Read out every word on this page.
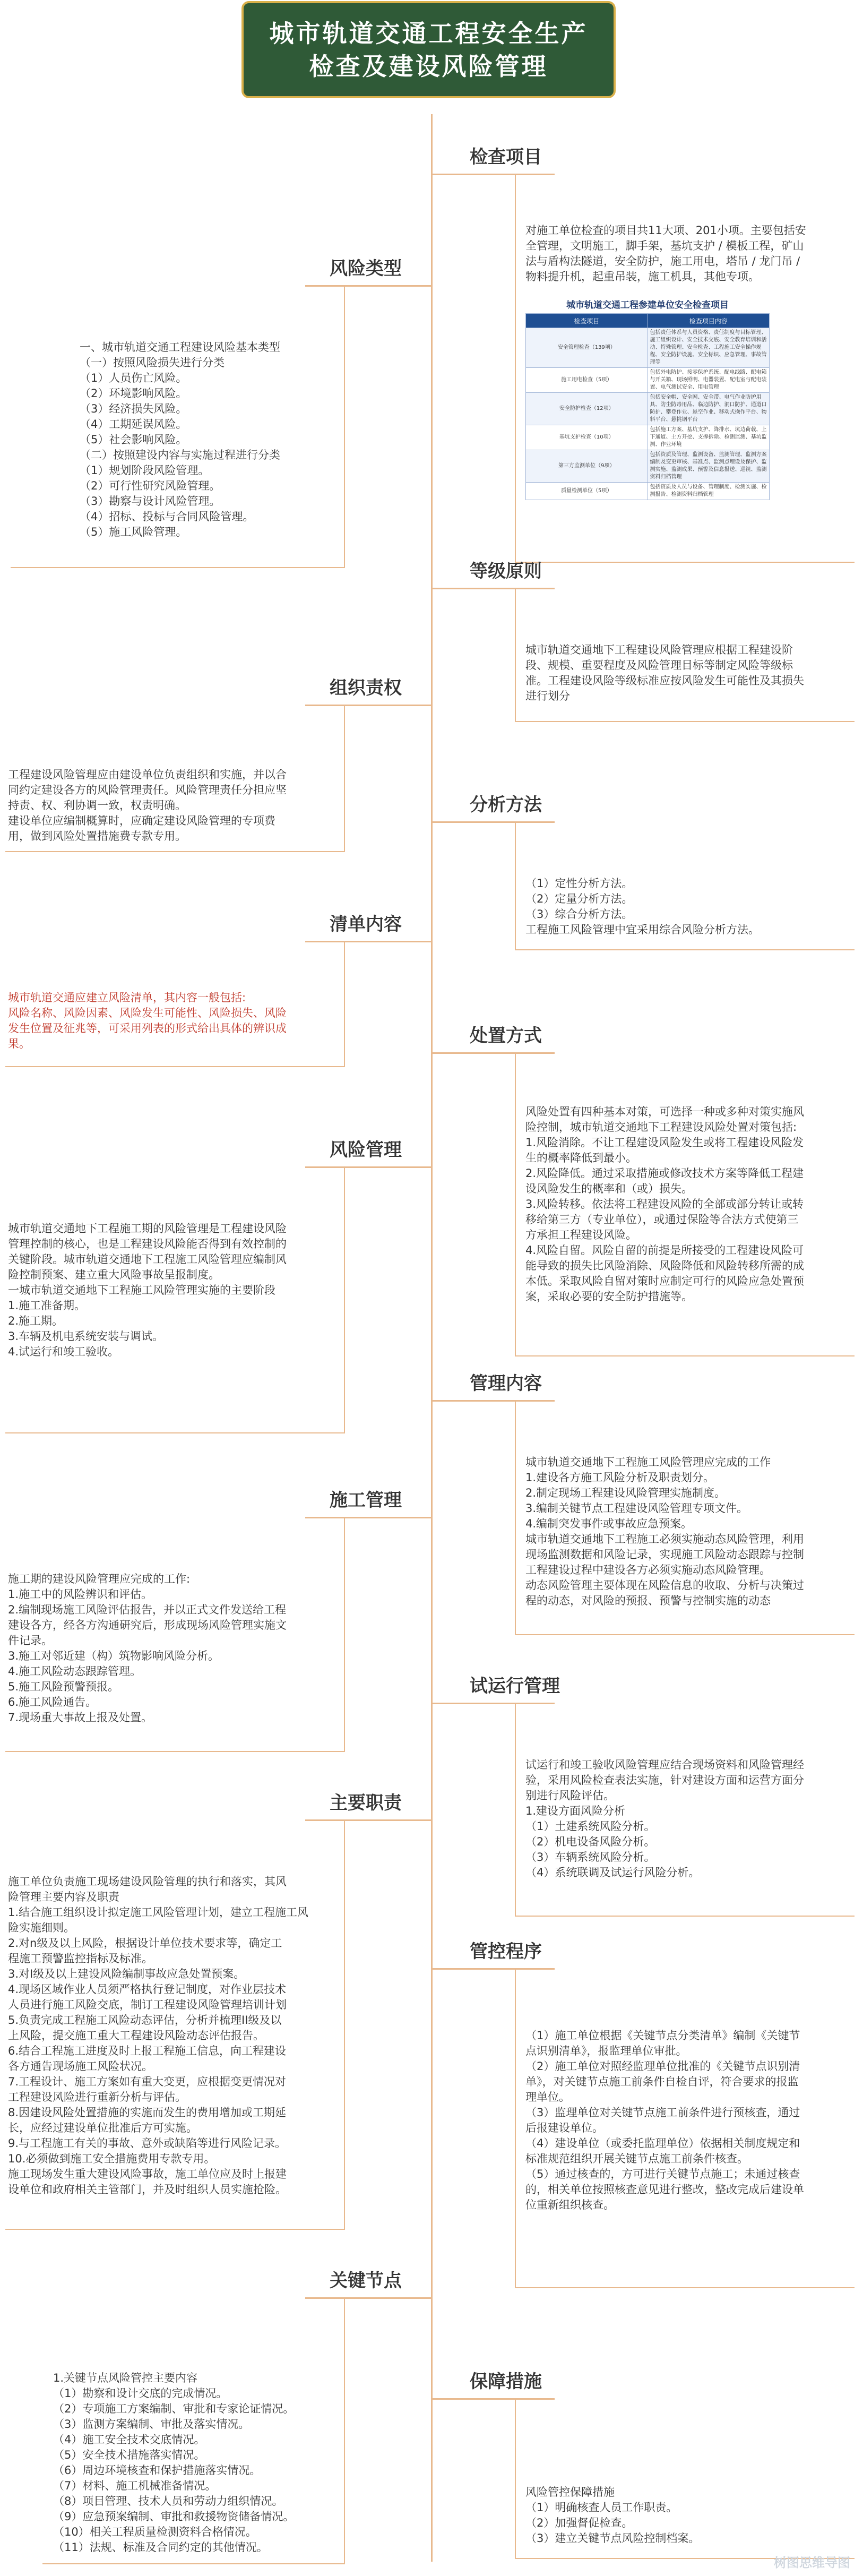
城市轨道交通工程安全生产
检查及建设风险管理
检查项目
对施工单位检查的项目共11大项、201小项。主要包括安
全管理，文明施工，脚手架，基坑支护 / 模板工程，矿山
法与盾构法隧道，安全防护，施工用电，塔吊 / 龙门吊 /
物料提升机，起重吊装，施工机具，其他专项。
城市轨道交通工程参建单位安全检查项目
检查项目	检查项目内容
安全管理检查（139项）	包括责任体系与人员资格、责任制度与目标管理、施工组织设计、安全技术交底、安全教育培训和活动、特殊管理、安全检查、工程施工安全操作规程、安全防护设施、安全标识、应急管理、事故管理等
施工用电检查（5项）	包括外电防护、接零保护系统、配电线路、配电箱与开关箱、现场照明、电器装置、配电室与配电装置、电气测试安全、用电管理
安全防护检查（12项）	包括安全帽、安全网、安全带、电气作业防护用具、防尘防毒用品、临边防护、洞口防护、通道口防护、攀登作业、悬空作业、移动式操作平台、物料平台、悬挑钢平台
基坑支护检查（10项）	包括施工方案、基坑支护、降排水、坑边荷载、上下通道、土方开挖、支撑拆除、检测监测、基坑监测、作业环境
第三方监测单位（9项）	包括资质及管理、监测设备、监测管理、监测方案编制及变更审核、基准点、监测点埋设及保护、监测实施、监测成果、预警及信息报送、巡视、监测资料归档管理
质量检测单位（5项）	包括资质及人员与设备、管理制度、检测实施、检测报告、检测资料归档管理
等级原则
城市轨道交通地下工程建设风险管理应根据工程建设阶
段、规模、重要程度及风险管理目标等制定风险等级标
准。工程建设风险等级标准应按风险发生可能性及其损失
进行划分
分析方法
（1）定性分析方法。
（2）定量分析方法。
（3）综合分析方法。
工程施工风险管理中宜采用综合风险分析方法。
处置方式
风险处置有四种基本对策，可选择一种或多种对策实施风
险控制，城市轨道交通地下工程建设风险处置对策包括:
1.风险消除。不让工程建设风险发生或将工程建设风险发
生的概率降低到最小。
2.风险降低。通过采取措施或修改技术方案等降低工程建
设风险发生的概率和（或）损失。
3.风险转移。依法将工程建设风险的全部或部分转让或转
移给第三方（专业单位），或通过保险等合法方式使第三
方承担工程建设风险。
4.风险自留。风险自留的前提是所接受的工程建设风险可
能导致的损失比风险消除、风险降低和风险转移所需的成
本低。采取风险自留对策时应制定可行的风险应急处置预
案，采取必要的安全防护措施等。
管理内容
城市轨道交通地下工程施工风险管理应完成的工作
1.建设各方施工风险分析及职责划分。
2.制定现场工程建设风险管理实施制度。
3.编制关键节点工程建设风险管理专项文件。
4.编制突发事件或事故应急预案。
城市轨道交通地下工程施工必须实施动态风险管理，利用
现场监测数据和风险记录，实现施工风险动态跟踪与控制
工程建设过程中建设各方必须实施动态风险管理。
动态风险管理主要体现在风险信息的收取、分析与决策过
程的动态，对风险的预报、预警与控制实施的动态
试运行管理
试运行和竣工验收风险管理应结合现场资料和风险管理经
验，采用风险检查表法实施，针对建设方面和运营方面分
别进行风险评估。
1.建设方面风险分析
（1）土建系统风险分析。
（2）机电设备风险分析。
（3）车辆系统风险分析。
（4）系统联调及试运行风险分析。
管控程序
（1）施工单位根据《关键节点分类清单》编制《关键节
点识别清单》，报监理单位审批。
（2）施工单位对照经监理单位批准的《关键节点识别清
单》，对关键节点施工前条件自检自评，符合要求的报监
理单位。
（3）监理单位对关键节点施工前条件进行预核查，通过
后报建设单位。
（4）建设单位（或委托监理单位）依据相关制度规定和
标准规范组织开展关键节点施工前条件核查。
（5）通过核查的，方可进行关键节点施工；未通过核查
的，相关单位按照核查意见进行整改，整改完成后建设单
位重新组织核查。
保障措施
风险管控保障措施
（1）明确核查人员工作职责。
（2）加强督促检查。
（3）建立关键节点风险控制档案。
风险类型
一、城市轨道交通工程建设风险基本类型
（一）按照风险损失进行分类
（1）人员伤亡风险。
（2）环境影响风险。
（3）经济损失风险。
（4）工期延误风险。
（5）社会影响风险。
（二）按照建设内容与实施过程进行分类
（1）规划阶段风险管理。
（2）可行性研究风险管理。
（3）勘察与设计风险管理。
（4）招标、投标与合同风险管理。
（5）施工风险管理。
组织责权
工程建设风险管理应由建设单位负责组织和实施，并以合
同约定建设各方的风险管理责任。风险管理责任分担应坚
持责、权、利协调一致，权责明确。
建设单位应编制概算时，应确定建设风险管理的专项费
用，做到风险处置措施费专款专用。
清单内容
城市轨道交通应建立风险清单，其内容一般包括:
风险名称、风险因素、风险发生可能性、风险损失、风险
发生位置及征兆等，可采用列表的形式给出具体的辨识成
果。
风险管理
城市轨道交通地下工程施工期的风险管理是工程建设风险
管理控制的核心，也是工程建设风险能否得到有效控制的
关键阶段。城市轨道交通地下工程施工风险管理应编制风
险控制预案、建立重大风险事故呈报制度。
一城市轨道交通地下工程施工风险管理实施的主要阶段
1.施工准备期。
2.施工期。
3.车辆及机电系统安装与调试。
4.试运行和竣工验收。
施工管理
施工期的建设风险管理应完成的工作:
1.施工中的风险辨识和评估。
2.编制现场施工风险评估报告，并以正式文件发送给工程
建设各方，经各方沟通研究后，形成现场风险管理实施文
件记录。
3.施工对邻近建（构）筑物影响风险分析。
4.施工风险动态跟踪管理。
5.施工风险预警预报。
6.施工风险通告。
7.现场重大事故上报及处置。
主要职责
施工单位负责施工现场建设风险管理的执行和落实，其风
险管理主要内容及职责
1.结合施工组织设计拟定施工风险管理计划，建立工程施工风
险实施细则。
2.对n级及以上风险，根据设计单位技术要求等，确定工
程施工预警监控指标及标准。
3.对I级及以上建设风险编制事故应急处置预案。
4.现场区域作业人员须严格执行登记制度，对作业层技术
人员进行施工风险交底，制订工程建设风险管理培训计划
5.负责完成工程施工风险动态评估，分析并梳理II级及以
上风险，提交施工重大工程建设风险动态评估报告。
6.结合工程施工进度及时上报工程施工信息，向工程建设
各方通告现场施工风险状况。
7.工程设计、施工方案如有重大变更，应根据变更情况对
工程建设风险进行重新分析与评估。
8.因建设风险处置措施的实施而发生的费用增加或工期延
长，应经过建设单位批准后方可实施。
9.与工程施工有关的事故、意外或缺陷等进行风险记录。
10.必须做到施工安全措施费用专款专用。
施工现场发生重大建设风险事故，施工单位应及时上报建
设单位和政府相关主管部门，并及时组织人员实施抢险。
关键节点
1.关键节点风险管控主要内容
（1）勘察和设计交底的完成情况。
（2）专项施工方案编制、审批和专家论证情况。
（3）监测方案编制、审批及落实情况。
（4）施工安全技术交底情况。
（5）安全技术措施落实情况。
（6）周边环境核查和保护措施落实情况。
（7）材料、施工机械准备情况。
（8）项目管理、技术人员和劳动力组织情况。
（9）应急预案编制、审批和救援物资储备情况。
（10）相关工程质量检测资料合格情况。
（11）法规、标准及合同约定的其他情况。
树图思维导图
